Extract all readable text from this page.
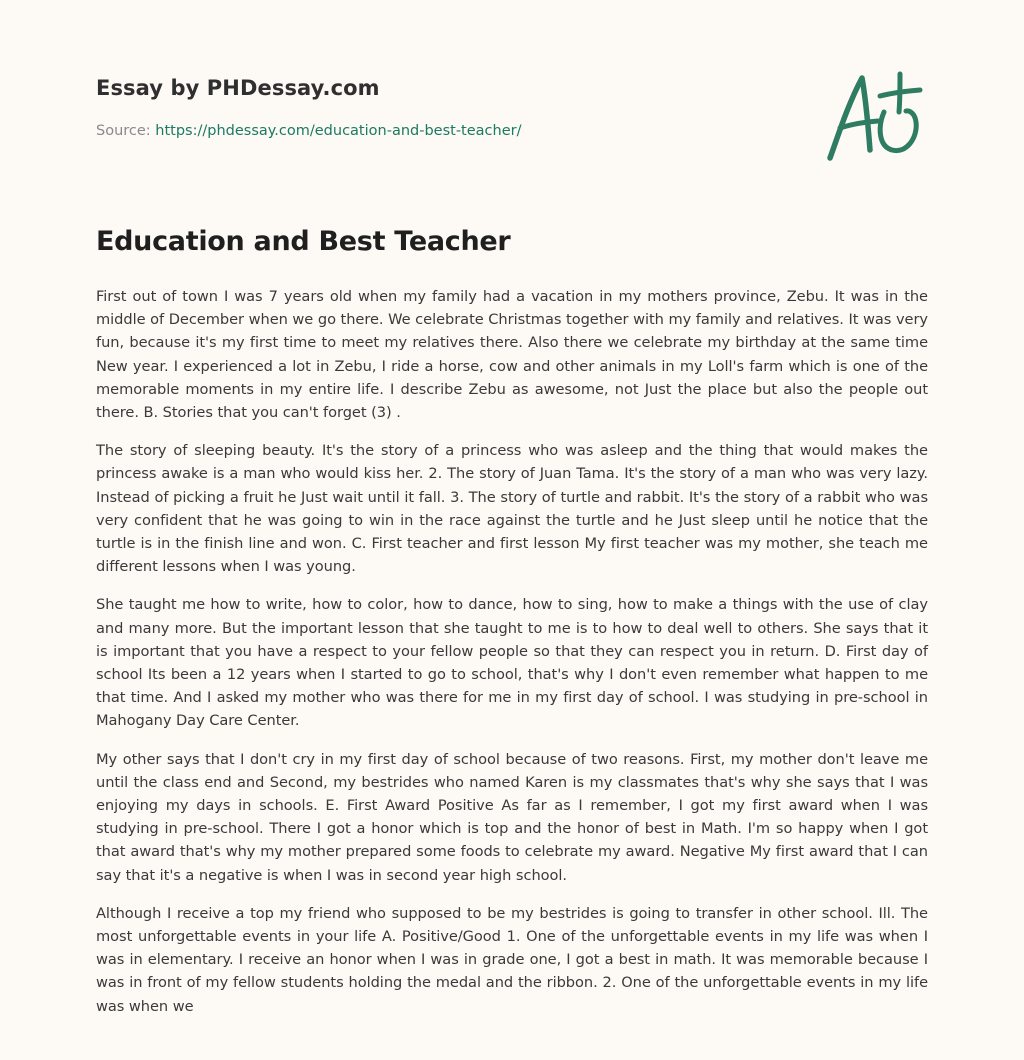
Essay by PHDessay.com
Source: https://phdessay.com/education-and-best-teacher/
Education and Best Teacher

First out of town I was 7 years old when my family had a vacation in my mothers province, Zebu. It was in the middle of December when we go there. We celebrate Christmas together with my family and relatives. It was very fun, because it's my first time to meet my relatives there. Also there we celebrate my birthday at the same time New year. I experienced a lot in Zebu, I ride a horse, cow and other animals in my Loll's farm which is one of the memorable moments in my entire life. I describe Zebu as awesome, not Just the place but also the people out there. B. Stories that you can't forget (3) .

The story of sleeping beauty. It's the story of a princess who was asleep and the thing that would makes the princess awake is a man who would kiss her. 2. The story of Juan Tama. It's the story of a man who was very lazy. Instead of picking a fruit he Just wait until it fall. 3. The story of turtle and rabbit. It's the story of a rabbit who was very confident that he was going to win in the race against the turtle and he Just sleep until he notice that the turtle is in the finish line and won. C. First teacher and first lesson My first teacher was my mother, she teach me different lessons when I was young.

She taught me how to write, how to color, how to dance, how to sing, how to make a things with the use of clay and many more. But the important lesson that she taught to me is to how to deal well to others. She says that it is important that you have a respect to your fellow people so that they can respect you in return. D. First day of school Its been a 12 years when I started to go to school, that's why I don't even remember what happen to me that time. And I asked my mother who was there for me in my first day of school. I was studying in pre-school in Mahogany Day Care Center.

My other says that I don't cry in my first day of school because of two reasons. First, my mother don't leave me until the class end and Second, my bestrides who named Karen is my classmates that's why she says that I was enjoying my days in schools. E. First Award Positive As far as I remember, I got my first award when I was studying in pre-school. There I got a honor which is top and the honor of best in Math. I'm so happy when I got that award that's why my mother prepared some foods to celebrate my award. Negative My first award that I can say that it's a negative is when I was in second year high school.

Although I receive a top my friend who supposed to be my bestrides is going to transfer in other school. Ill. The most unforgettable events in your life A. Positive/Good 1. One of the unforgettable events in my life was when I was in elementary. I receive an honor when I was in grade one, I got a best in math. It was memorable because I was in front of my fellow students holding the medal and the ribbon. 2. One of the unforgettable events in my life was when we
